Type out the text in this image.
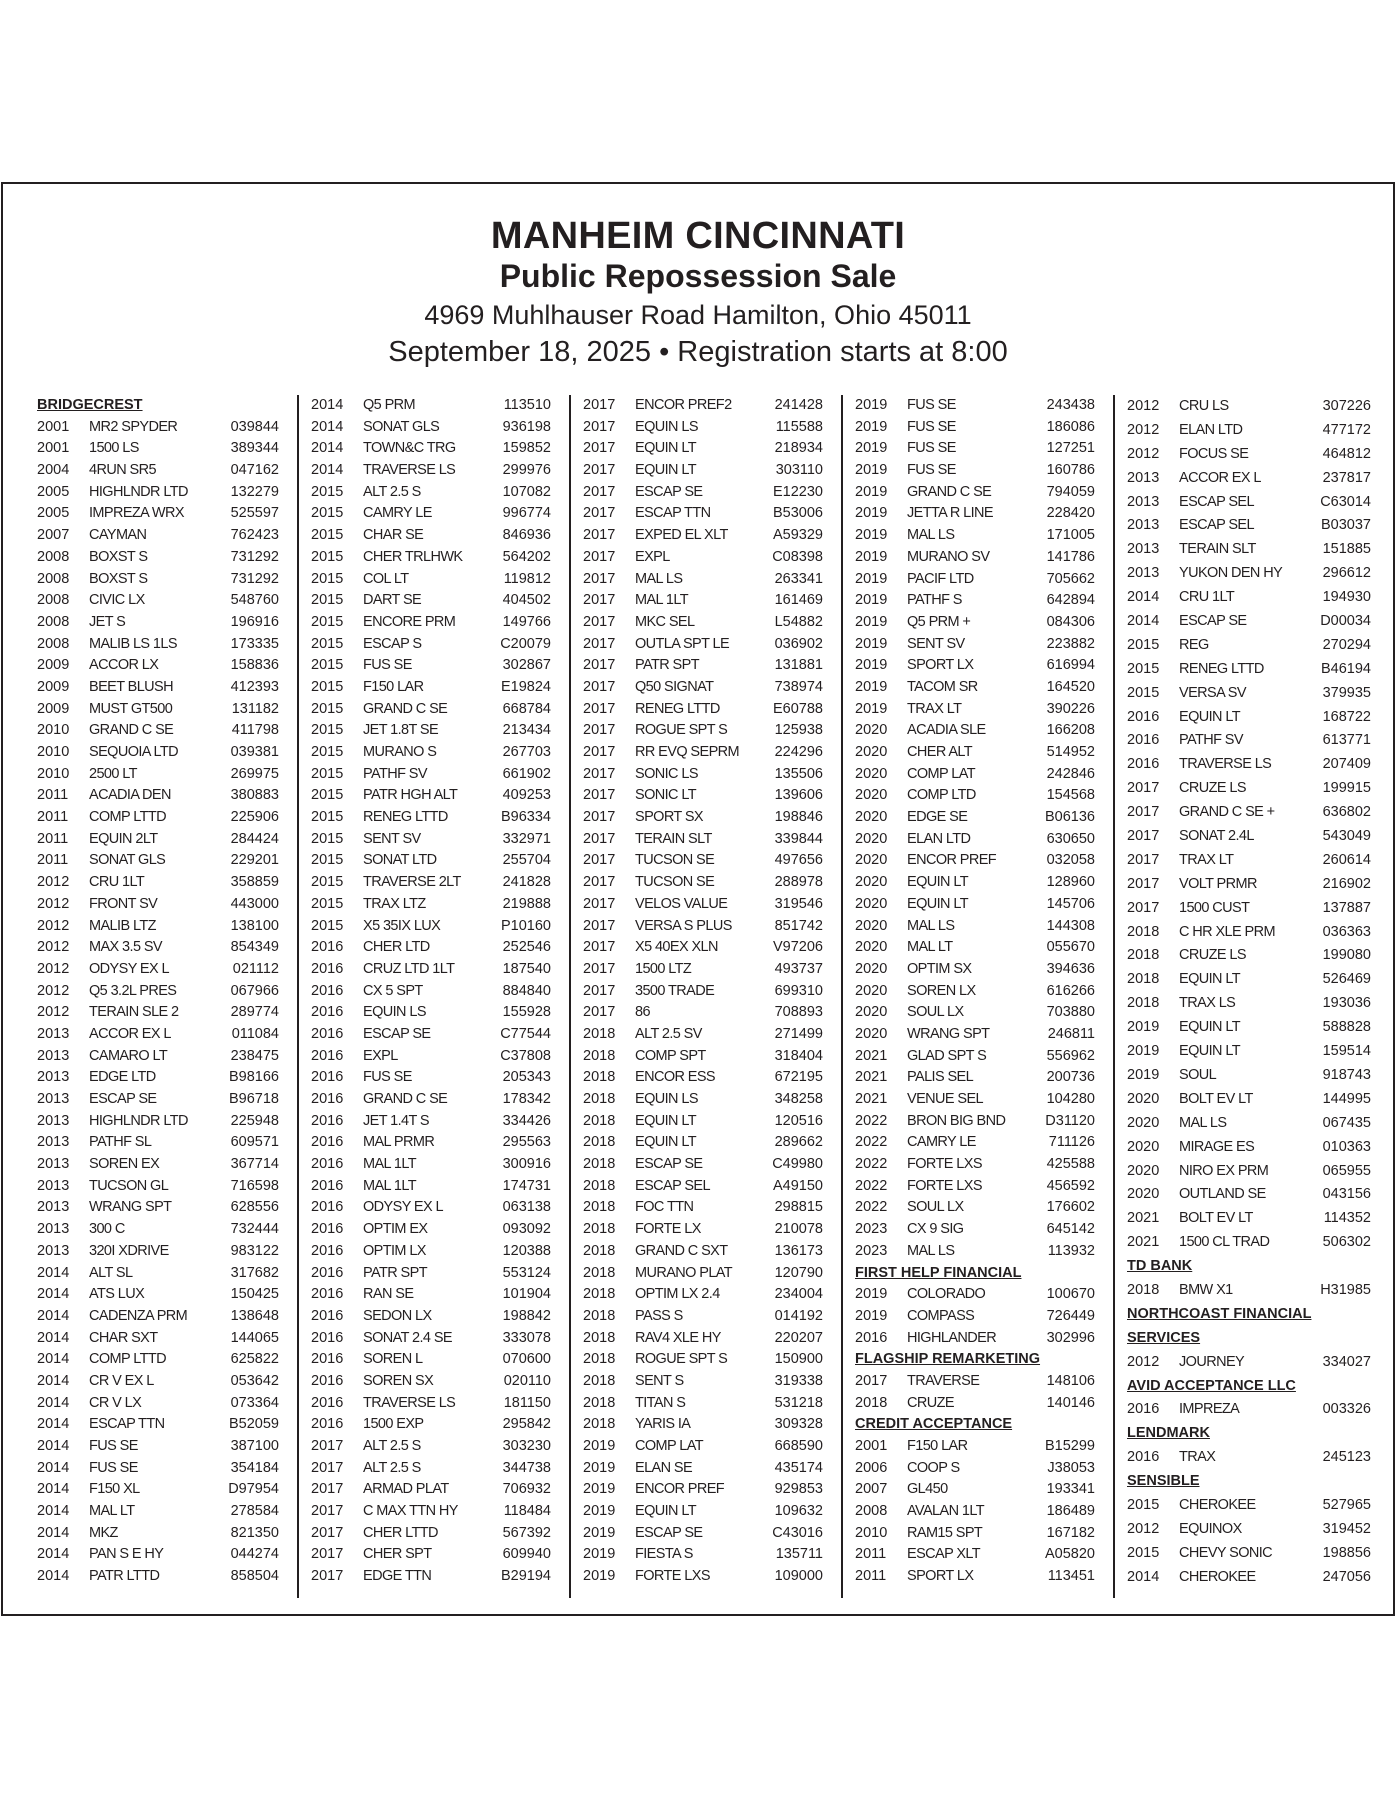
MANHEIM CINCINNATI
Public Repossession Sale
4969 Muhlhauser Road Hamilton, Ohio 45011
September 18, 2025 • Registration starts at 8:00
BRIDGECREST
2001	MR2 SPYDER	039844
2001	1500 LS	389344
2004	4RUN SR5	047162
2005	HIGHLNDR LTD	132279
2005	IMPREZA WRX	525597
2007	CAYMAN	762423
2008	BOXST S	731292
2008	BOXST S	731292
2008	CIVIC LX	548760
2008	JET S	196916
2008	MALIB LS 1LS	173335
2009	ACCOR LX	158836
2009	BEET BLUSH	412393
2009	MUST GT500	131182
2010	GRAND C SE	411798
2010	SEQUOIA LTD	039381
2010	2500 LT	269975
2011	ACADIA DEN	380883
2011	COMP LTTD	225906
2011	EQUIN 2LT	284424
2011	SONAT GLS	229201
2012	CRU 1LT	358859
2012	FRONT SV	443000
2012	MALIB LTZ	138100
2012	MAX 3.5 SV	854349
2012	ODYSY EX L	021112
2012	Q5 3.2L PRES	067966
2012	TERAIN SLE 2	289774
2013	ACCOR EX L	011084
2013	CAMARO LT	238475
2013	EDGE LTD	B98166
2013	ESCAP SE	B96718
2013	HIGHLNDR LTD	225948
2013	PATHF SL	609571
2013	SOREN EX	367714
2013	TUCSON GL	716598
2013	WRANG SPT	628556
2013	300 C	732444
2013	320I XDRIVE	983122
2014	ALT SL	317682
2014	ATS LUX	150425
2014	CADENZA PRM	138648
2014	CHAR SXT	144065
2014	COMP LTTD	625822
2014	CR V EX L	053642
2014	CR V LX	073364
2014	ESCAP TTN	B52059
2014	FUS SE	387100
2014	FUS SE	354184
2014	F150 XL	D97954
2014	MAL LT	278584
2014	MKZ	821350
2014	PAN S E HY	044274
2014	PATR LTTD	858504
2014	Q5 PRM	113510
2014	SONAT GLS	936198
2014	TOWN&C TRG	159852
2014	TRAVERSE LS	299976
2015	ALT 2.5 S	107082
2015	CAMRY LE	996774
2015	CHAR SE	846936
2015	CHER TRLHWK	564202
2015	COL LT	119812
2015	DART SE	404502
2015	ENCORE PRM	149766
2015	ESCAP S	C20079
2015	FUS SE	302867
2015	F150 LAR	E19824
2015	GRAND C SE	668784
2015	JET 1.8T SE	213434
2015	MURANO S	267703
2015	PATHF SV	661902
2015	PATR HGH ALT	409253
2015	RENEG LTTD	B96334
2015	SENT SV	332971
2015	SONAT LTD	255704
2015	TRAVERSE 2LT	241828
2015	TRAX LTZ	219888
2015	X5 35IX LUX	P10160
2016	CHER LTD	252546
2016	CRUZ LTD 1LT	187540
2016	CX 5 SPT	884840
2016	EQUIN LS	155928
2016	ESCAP SE	C77544
2016	EXPL	C37808
2016	FUS SE	205343
2016	GRAND C SE	178342
2016	JET 1.4T S	334426
2016	MAL PRMR	295563
2016	MAL 1LT	300916
2016	MAL 1LT	174731
2016	ODYSY EX L	063138
2016	OPTIM EX	093092
2016	OPTIM LX	120388
2016	PATR SPT	553124
2016	RAN SE	101904
2016	SEDON LX	198842
2016	SONAT 2.4 SE	333078
2016	SOREN L	070600
2016	SOREN SX	020110
2016	TRAVERSE LS	181150
2016	1500 EXP	295842
2017	ALT 2.5 S	303230
2017	ALT 2.5 S	344738
2017	ARMAD PLAT	706932
2017	C MAX TTN HY	118484
2017	CHER LTTD	567392
2017	CHER SPT	609940
2017	EDGE TTN	B29194
2017	ENCOR PREF2	241428
2017	EQUIN LS	115588
2017	EQUIN LT	218934
2017	EQUIN LT	303110
2017	ESCAP SE	E12230
2017	ESCAP TTN	B53006
2017	EXPED EL XLT	A59329
2017	EXPL	C08398
2017	MAL LS	263341
2017	MAL 1LT	161469
2017	MKC SEL	L54882
2017	OUTLA SPT LE	036902
2017	PATR SPT	131881
2017	Q50 SIGNAT	738974
2017	RENEG LTTD	E60788
2017	ROGUE SPT S	125938
2017	RR EVQ SEPRM	224296
2017	SONIC LS	135506
2017	SONIC LT	139606
2017	SPORT SX	198846
2017	TERAIN SLT	339844
2017	TUCSON SE	497656
2017	TUCSON SE	288978
2017	VELOS VALUE	319546
2017	VERSA S PLUS	851742
2017	X5 40EX XLN	V97206
2017	1500 LTZ	493737
2017	3500 TRADE	699310
2017	86	708893
2018	ALT 2.5 SV	271499
2018	COMP SPT	318404
2018	ENCOR ESS	672195
2018	EQUIN LS	348258
2018	EQUIN LT	120516
2018	EQUIN LT	289662
2018	ESCAP SE	C49980
2018	ESCAP SEL	A49150
2018	FOC TTN	298815
2018	FORTE LX	210078
2018	GRAND C SXT	136173
2018	MURANO PLAT	120790
2018	OPTIM LX 2.4	234004
2018	PASS S	014192
2018	RAV4 XLE HY	220207
2018	ROGUE SPT S	150900
2018	SENT S	319338
2018	TITAN S	531218
2018	YARIS IA	309328
2019	COMP LAT	668590
2019	ELAN SE	435174
2019	ENCOR PREF	929853
2019	EQUIN LT	109632
2019	ESCAP SE	C43016
2019	FIESTA S	135711
2019	FORTE LXS	109000
2019	FUS SE	243438
2019	FUS SE	186086
2019	FUS SE	127251
2019	FUS SE	160786
2019	GRAND C SE	794059
2019	JETTA R LINE	228420
2019	MAL LS	171005
2019	MURANO SV	141786
2019	PACIF LTD	705662
2019	PATHF S	642894
2019	Q5 PRM +	084306
2019	SENT SV	223882
2019	SPORT LX	616994
2019	TACOM SR	164520
2019	TRAX LT	390226
2020	ACADIA SLE	166208
2020	CHER ALT	514952
2020	COMP LAT	242846
2020	COMP LTD	154568
2020	EDGE SE	B06136
2020	ELAN LTD	630650
2020	ENCOR PREF	032058
2020	EQUIN LT	128960
2020	EQUIN LT	145706
2020	MAL LS	144308
2020	MAL LT	055670
2020	OPTIM SX	394636
2020	SOREN LX	616266
2020	SOUL LX	703880
2020	WRANG SPT	246811
2021	GLAD SPT S	556962
2021	PALIS SEL	200736
2021	VENUE SEL	104280
2022	BRON BIG BND	D31120
2022	CAMRY LE	711126
2022	FORTE LXS	425588
2022	FORTE LXS	456592
2022	SOUL LX	176602
2023	CX 9 SIG	645142
2023	MAL LS	113932
FIRST HELP FINANCIAL
2019	COLORADO	100670
2019	COMPASS	726449
2016	HIGHLANDER	302996
FLAGSHIP REMARKETING
2017	TRAVERSE	148106
2018	CRUZE	140146
CREDIT ACCEPTANCE
2001	F150 LAR	B15299
2006	COOP S	J38053
2007	GL450	193341
2008	AVALAN 1LT	186489
2010	RAM15 SPT	167182
2011	ESCAP XLT	A05820
2011	SPORT LX	113451
2012	CRU LS	307226
2012	ELAN LTD	477172
2012	FOCUS SE	464812
2013	ACCOR EX L	237817
2013	ESCAP SEL	C63014
2013	ESCAP SEL	B03037
2013	TERAIN SLT	151885
2013	YUKON DEN HY	296612
2014	CRU 1LT	194930
2014	ESCAP SE	D00034
2015	REG	270294
2015	RENEG LTTD	B46194
2015	VERSA SV	379935
2016	EQUIN LT	168722
2016	PATHF SV	613771
2016	TRAVERSE LS	207409
2017	CRUZE LS	199915
2017	GRAND C SE +	636802
2017	SONAT 2.4L	543049
2017	TRAX LT	260614
2017	VOLT PRMR	216902
2017	1500 CUST	137887
2018	C HR XLE PRM	036363
2018	CRUZE LS	199080
2018	EQUIN LT	526469
2018	TRAX LS	193036
2019	EQUIN LT	588828
2019	EQUIN LT	159514
2019	SOUL	918743
2020	BOLT EV LT	144995
2020	MAL LS	067435
2020	MIRAGE ES	010363
2020	NIRO EX PRM	065955
2020	OUTLAND SE	043156
2021	BOLT EV LT	114352
2021	1500 CL TRAD	506302
TD BANK
2018	BMW X1	H31985
NORTHCOAST FINANCIAL
SERVICES
2012	JOURNEY	334027
AVID ACCEPTANCE LLC
2016	IMPREZA	003326
LENDMARK
2016	TRAX	245123
SENSIBLE
2015	CHEROKEE	527965
2012	EQUINOX	319452
2015	CHEVY SONIC	198856
2014	CHEROKEE	247056
